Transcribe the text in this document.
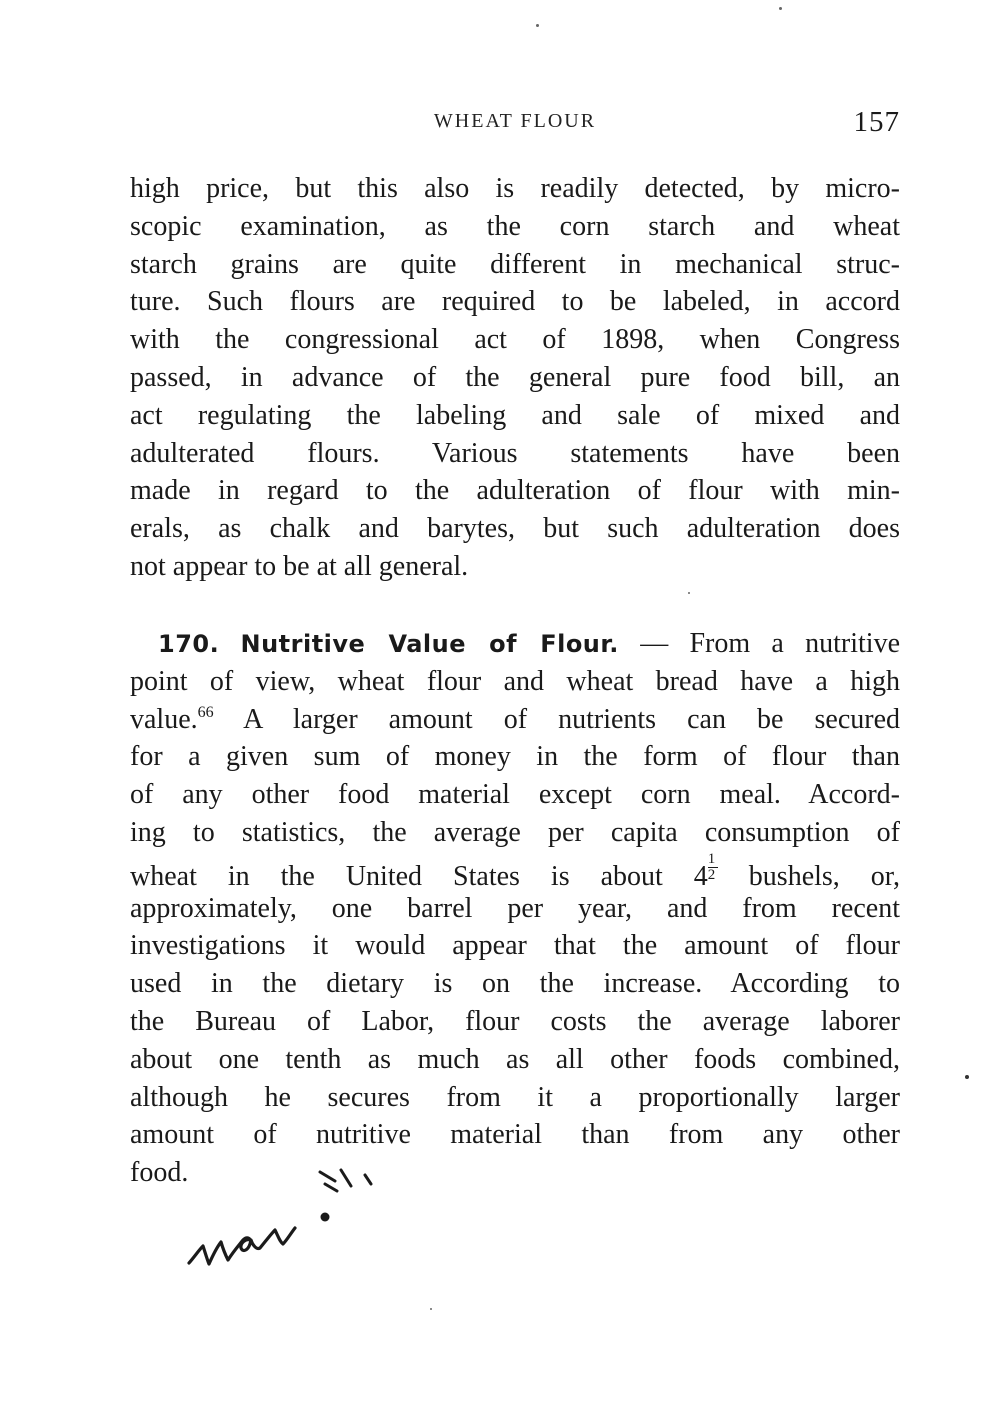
WHEAT FLOUR	157
high price, but this also is readily detected, by micro-
scopic examination, as the corn starch and wheat
starch grains are quite different in mechanical struc-
ture. Such flours are required to be labeled, in accord
with the congressional act of 1898, when Congress
passed, in advance of the general pure food bill, an
act regulating the labeling and sale of mixed and
adulterated flours. Various statements have been
made in regard to the adulteration of flour with min-
erals, as chalk and barytes, but such adulteration does
not appear to be at all general.
170. Nutritive Value of Flour. — From a nutritive
point of view, wheat flour and wheat bread have a high
value.$^{66}$ A larger amount of nutrients can be secured
for a given sum of money in the form of flour than
of any other food material except corn meal. Accord-
ing to statistics, the average per capita consumption of
wheat in the United States is about $4 \frac{1}{2}$ bushels, or,
approximately, one barrel per year, and from recent
investigations it would appear that the amount of flour
used in the dietary is on the increase. According to
the Bureau of Labor, flour costs the average laborer
about one tenth as much as all other foods combined,
although he secures from it a proportionally larger
amount of nutritive material than from any other
food.
